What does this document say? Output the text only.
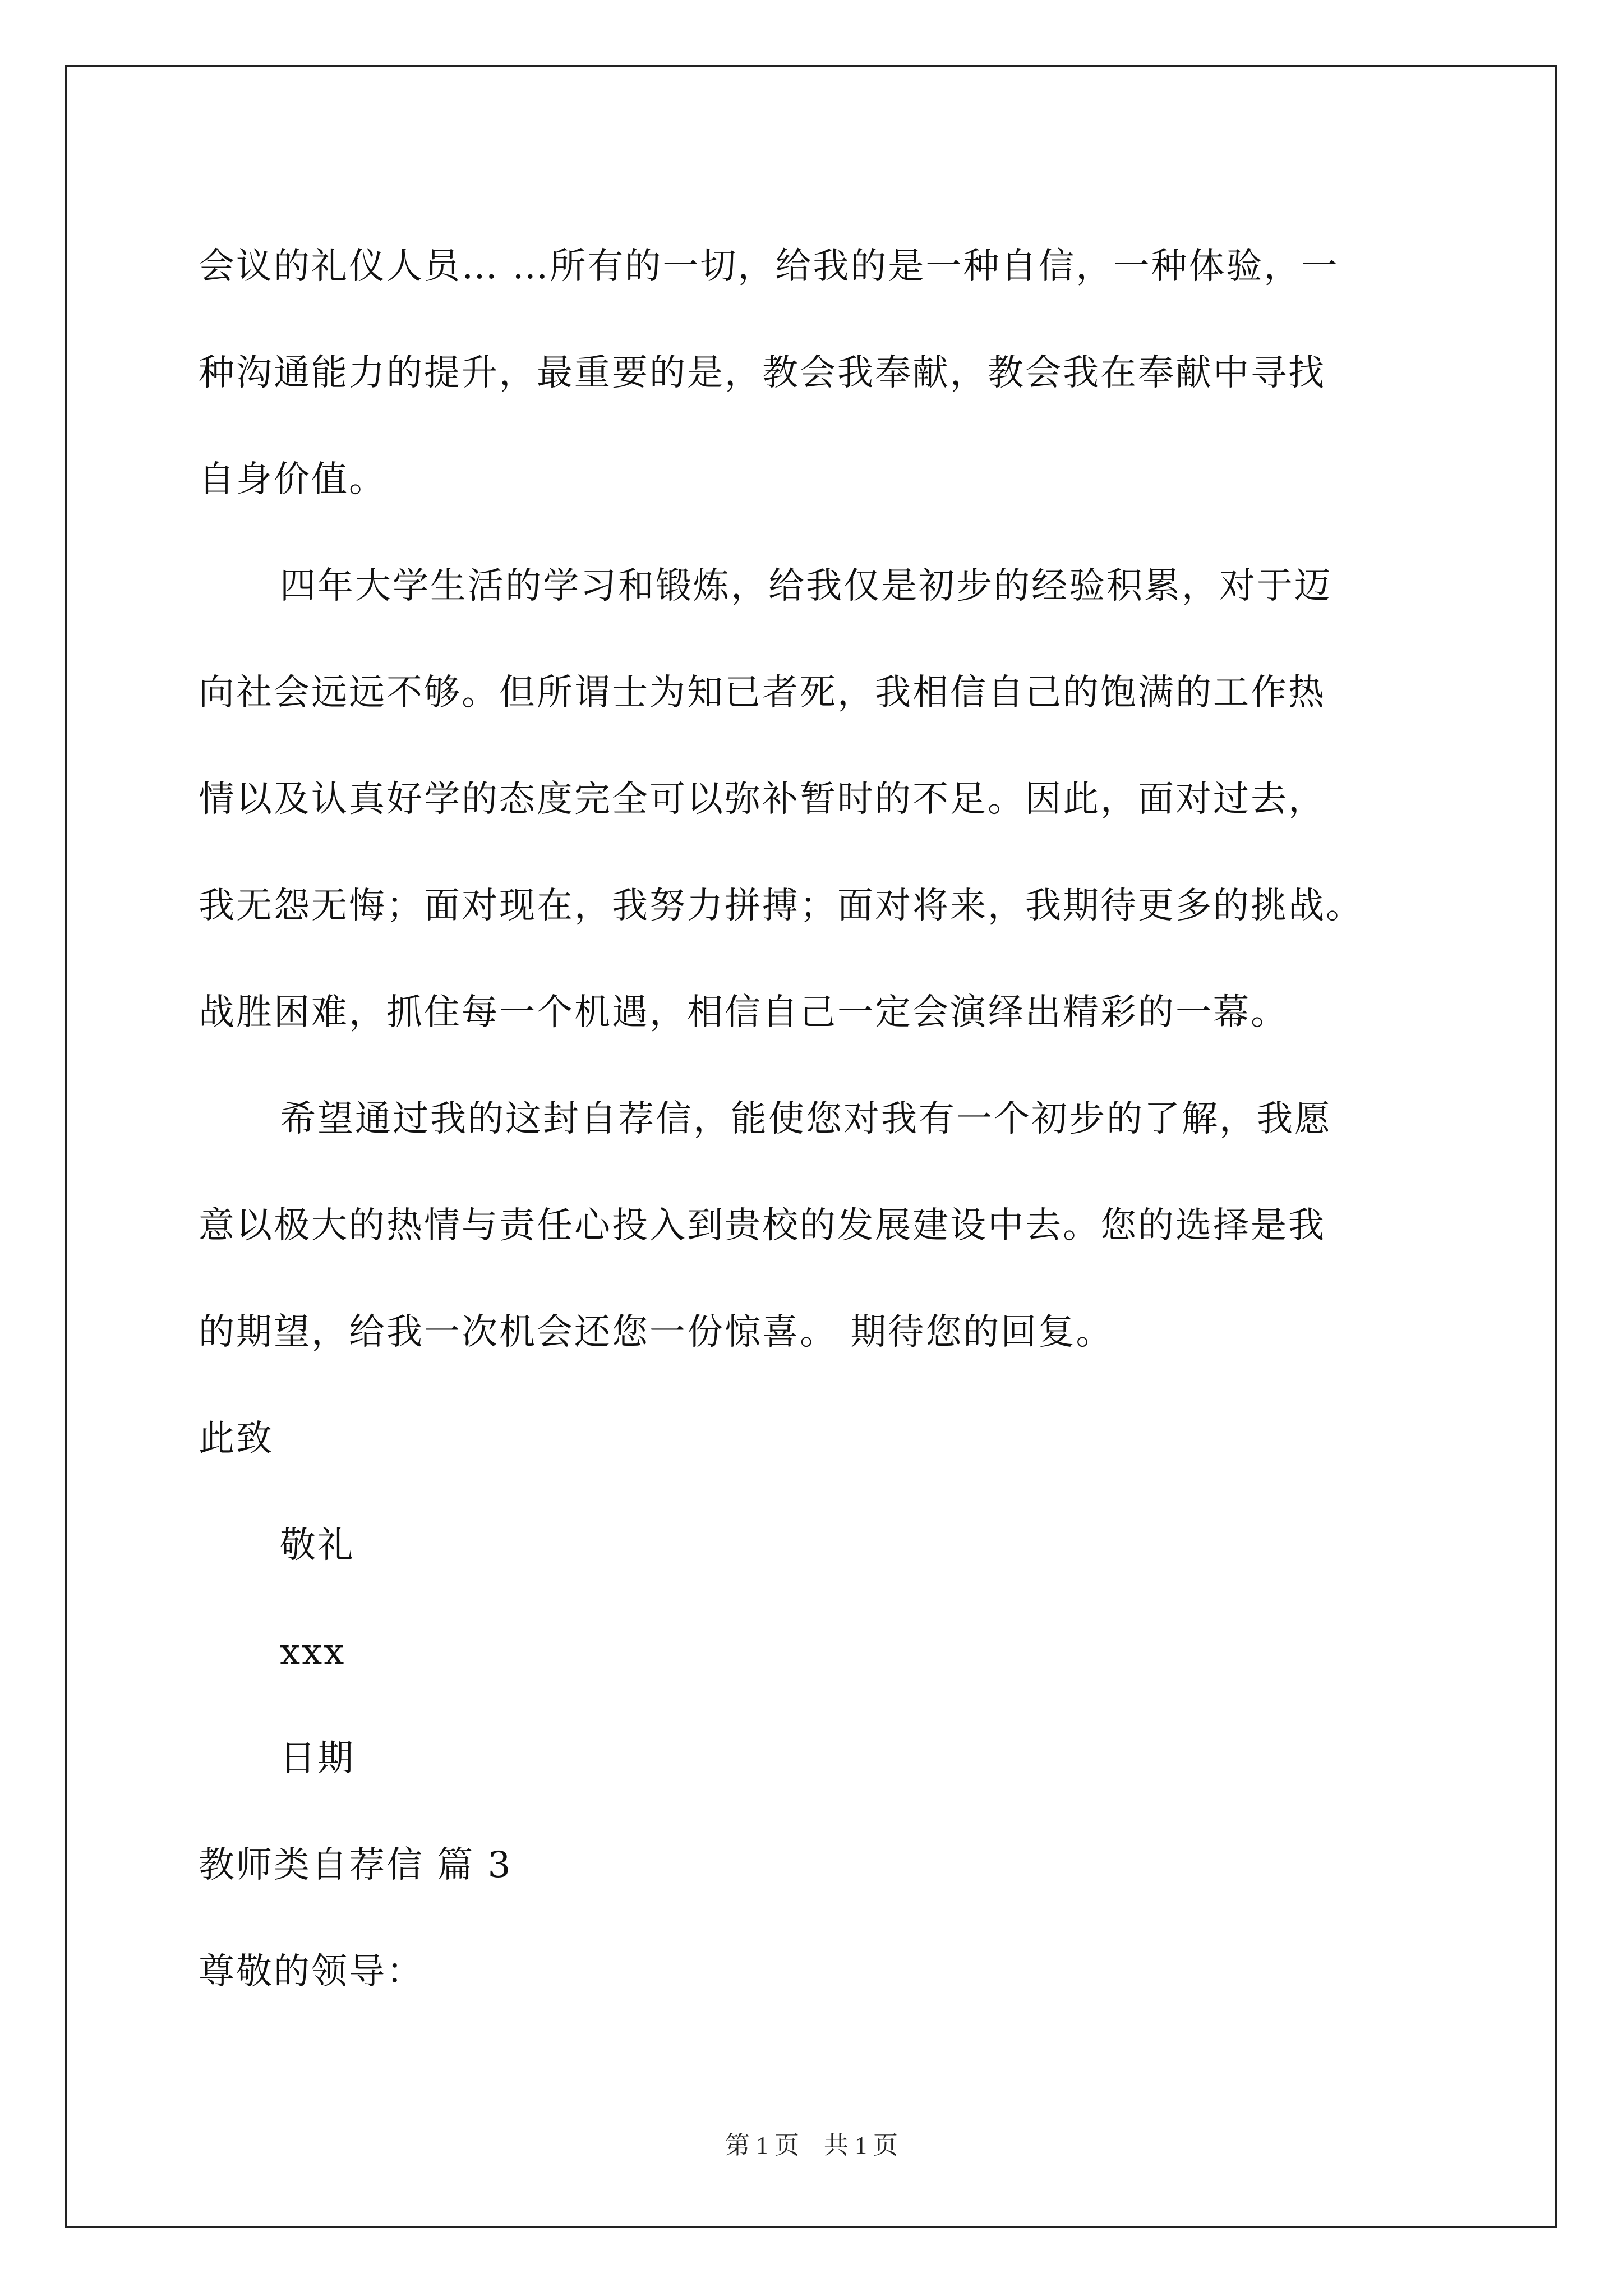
会议的礼仪人员… …所有的一切，给我的是一种自信，一种体验，一
种沟通能力的提升，最重要的是，教会我奉献，教会我在奉献中寻找
自身价值。
四年大学生活的学习和锻炼，给我仅是初步的经验积累，对于迈
向社会远远不够。但所谓士为知已者死，我相信自己的饱满的工作热
情以及认真好学的态度完全可以弥补暂时的不足。因此，面对过去，
我无怨无悔；面对现在，我努力拼搏；面对将来，我期待更多的挑战。
战胜困难，抓住每一个机遇，相信自己一定会演绎出精彩的一幕。
希望通过我的这封自荐信，能使您对我有一个初步的了解，我愿
意以极大的热情与责任心投入到贵校的发展建设中去。您的选择是我
的期望，给我一次机会还您一份惊喜。 期待您的回复。
此致
敬礼
xxx
日期
教师类自荐信 篇 3
尊敬的领导：
第 1 页　共 1 页
